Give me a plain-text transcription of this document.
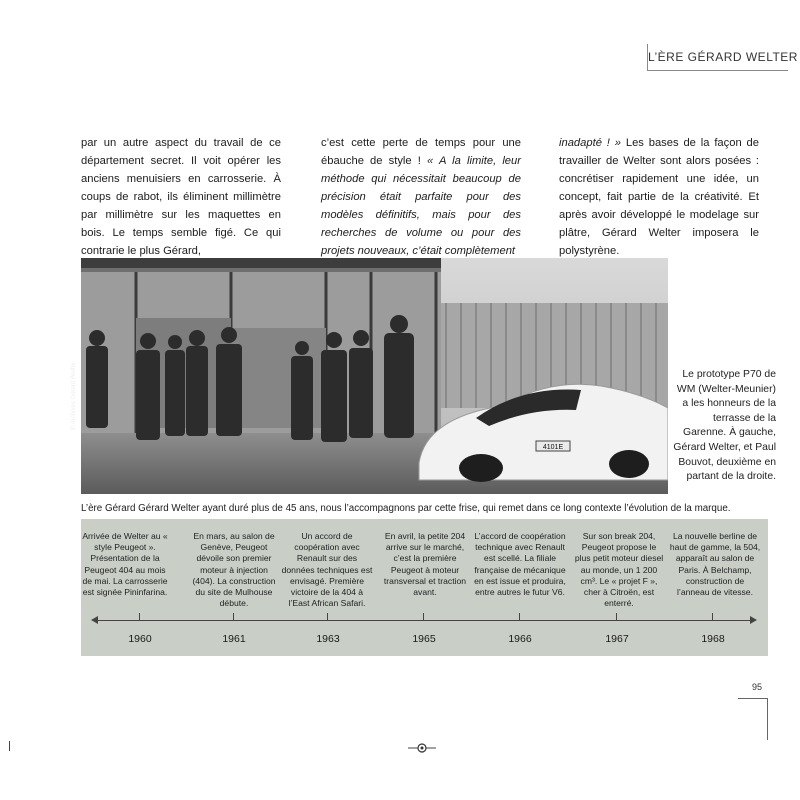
L’ÈRE GÉRARD WELTER

par un autre aspect du travail de ce département secret. Il voit opérer les anciens menuisiers en carrosserie. À coups de rabot, ils éliminent millimètre par millimètre sur les maquettes en bois. Le temps semble figé. Ce qui contrarie le plus Gérard,

c’est cette perte de temps pour une ébauche de style ! « A la limite, leur méthode qui nécessitait beaucoup de précision était parfaite pour des modèles définitifs, mais pour des recherches de volume ou pour des projets nouveaux, c’était complètement

inadapté ! » Les bases de la façon de travailler de Welter sont alors posées : concrétiser rapidement une idée, un concept, fait partie de la créativité. Et après avoir développé le modelage sur plâtre, Gérard Welter imposera le polystyrène.

4101E
© Archives Gérard Welter	Le prototype P70 de WM (Welter-Meunier) a les honneurs de la terrasse de la Garenne. À gauche, Gérard Welter, et Paul Bouvot, deuxième en partant de la droite.
L’ère Gérard Gérard Welter ayant duré plus de 45 ans, nous l’accompagnons par cette frise, qui remet dans ce long contexte l’évolution de la marque.
Arrivée de Welter au « style Peugeot ». Présentation de la Peugeot 404 au mois de mai. La carrosserie est signée Pininfarina.
En mars, au salon de Genève, Peugeot dévoile son premier moteur à injection (404). La construction du site de Mulhouse débute.
Un accord de coopération avec Renault sur des données techniques est envisagé. Première victoire de la 404 à l’East African Safari.
En avril, la petite 204 arrive sur le marché, c’est la première Peugeot à moteur transversal et traction avant.
L’accord de coopération technique avec Renault est scellé. La filiale française de mécanique en est issue et produira, entre autres le futur V6.
Sur son break 204, Peugeot propose le plus petit moteur diesel au monde, un 1 200 cm³. Le « projet F », cher à Citroën, est enterré.
La nouvelle berline de haut de gamme, la 504, apparaît au salon de Paris. À Belchamp, construction de l’anneau de vitesse.
1960	1961	1963	1965	1966	1967	1968
95
